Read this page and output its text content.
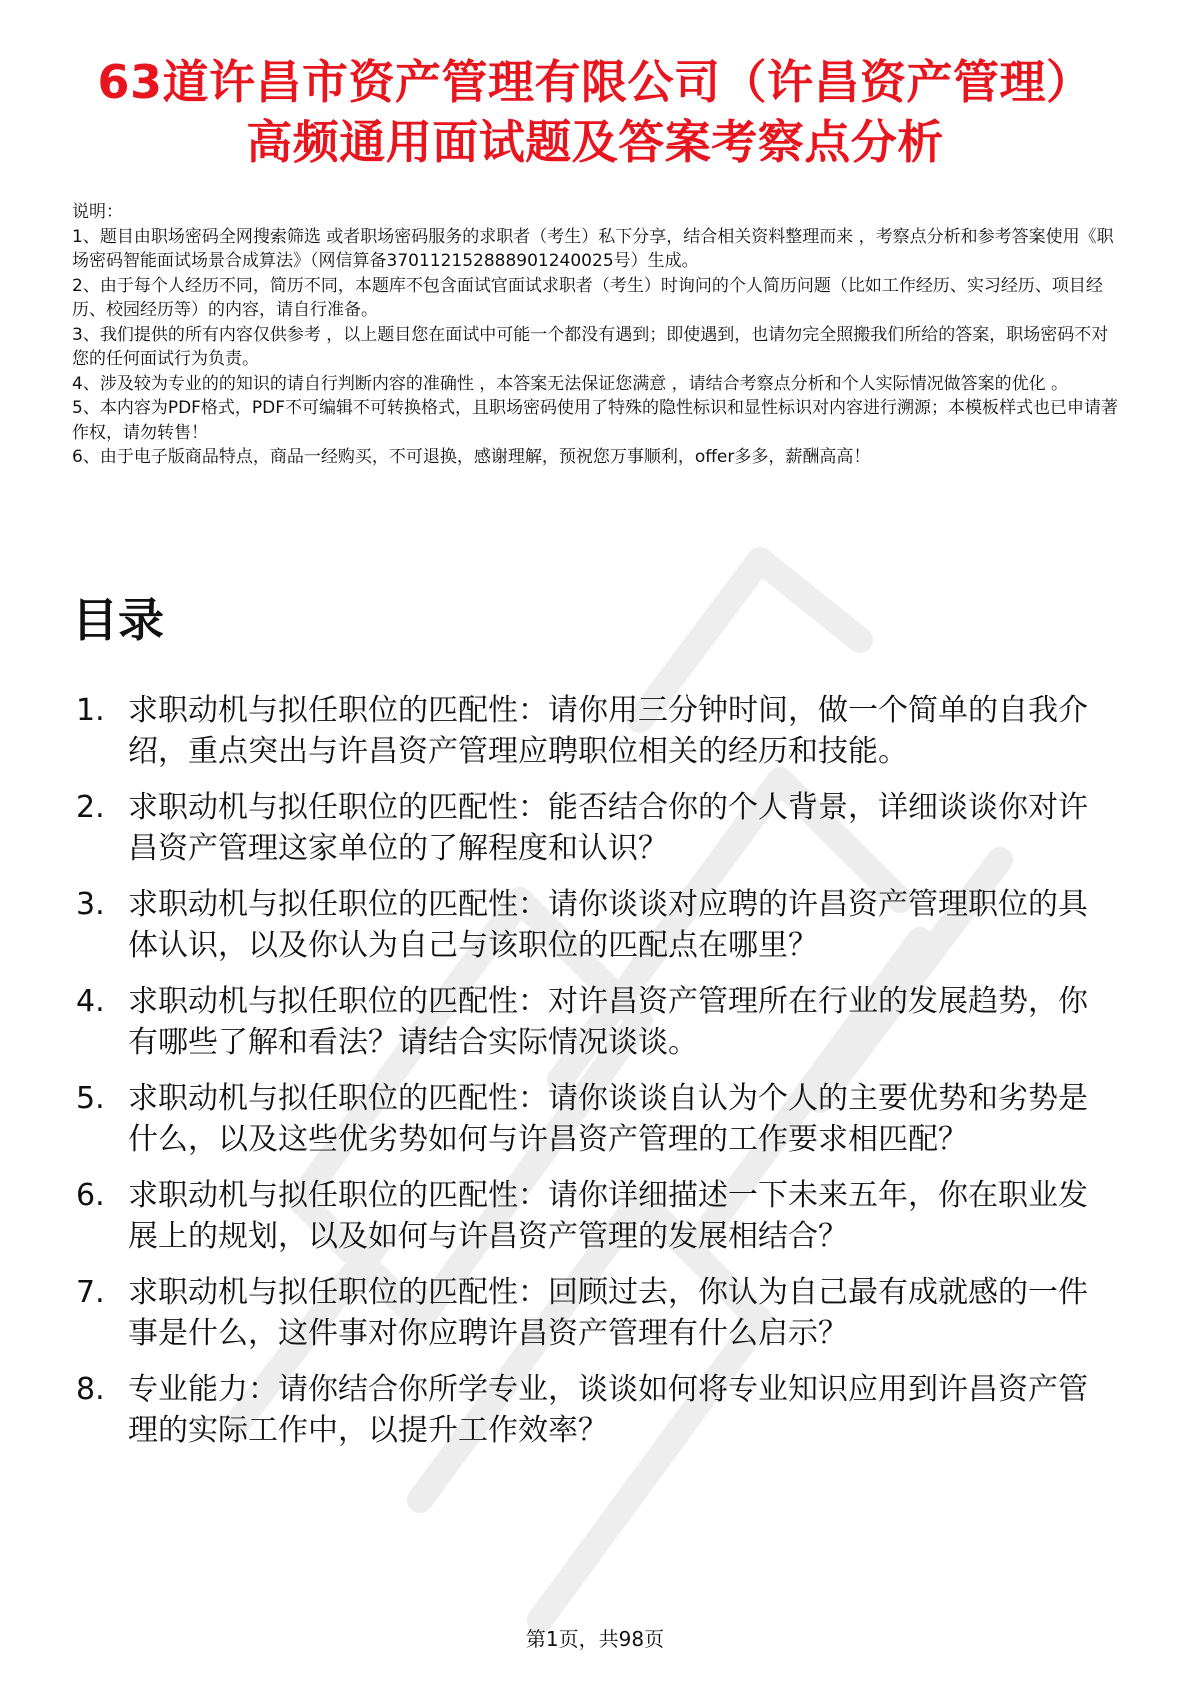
63道许昌市资产管理有限公司（许昌资产管理）高频通用面试题及答案考察点分析

说明：

1、题目由职场密码全网搜索筛选 或者职场密码服务的求职者（考生）私下分享，结合相关资料整理而来 ，考察点分析和参考答案使用《职场密码智能面试场景合成算法》（网信算备370112152888901240025号）生成。

2、由于每个人经历不同，简历不同，本题库不包含面试官面试求职者（考生）时询问的个人简历问题（比如工作经历、实习经历、项目经历、校园经历等）的内容，请自行准备。

3、我们提供的所有内容仅供参考 ，以上题目您在面试中可能一个都没有遇到；即使遇到，也请勿完全照搬我们所给的答案，职场密码不对您的任何面试行为负责。

4、涉及较为专业的的知识的请自行判断内容的准确性 ，本答案无法保证您满意 ，请结合考察点分析和个人实际情况做答案的优化 。

5、本内容为PDF格式，PDF不可编辑不可转换格式，且职场密码使用了特殊的隐性标识和显性标识对内容进行溯源；本模板样式也已申请著作权，请勿转售！

6、由于电子版商品特点，商品一经购买，不可退换，感谢理解，预祝您万事顺利，offer多多，薪酬高高！

目录
1. 求职动机与拟任职位的匹配性：请你用三分钟时间，做一个简单的自我介绍，重点突出与许昌资产管理应聘职位相关的经历和技能。
2. 求职动机与拟任职位的匹配性：能否结合你的个人背景，详细谈谈你对许昌资产管理这家单位的了解程度和认识？
3. 求职动机与拟任职位的匹配性：请你谈谈对应聘的许昌资产管理职位的具体认识，以及你认为自己与该职位的匹配点在哪里？
4. 求职动机与拟任职位的匹配性：对许昌资产管理所在行业的发展趋势，你有哪些了解和看法？请结合实际情况谈谈。
5. 求职动机与拟任职位的匹配性：请你谈谈自认为个人的主要优势和劣势是什么，以及这些优劣势如何与许昌资产管理的工作要求相匹配？
6. 求职动机与拟任职位的匹配性：请你详细描述一下未来五年，你在职业发展上的规划，以及如何与许昌资产管理的发展相结合？
7. 求职动机与拟任职位的匹配性：回顾过去，你认为自己最有成就感的一件事是什么，这件事对你应聘许昌资产管理有什么启示？
8. 专业能力：请你结合你所学专业，谈谈如何将专业知识应用到许昌资产管理的实际工作中，以提升工作效率？
第1页，共98页
